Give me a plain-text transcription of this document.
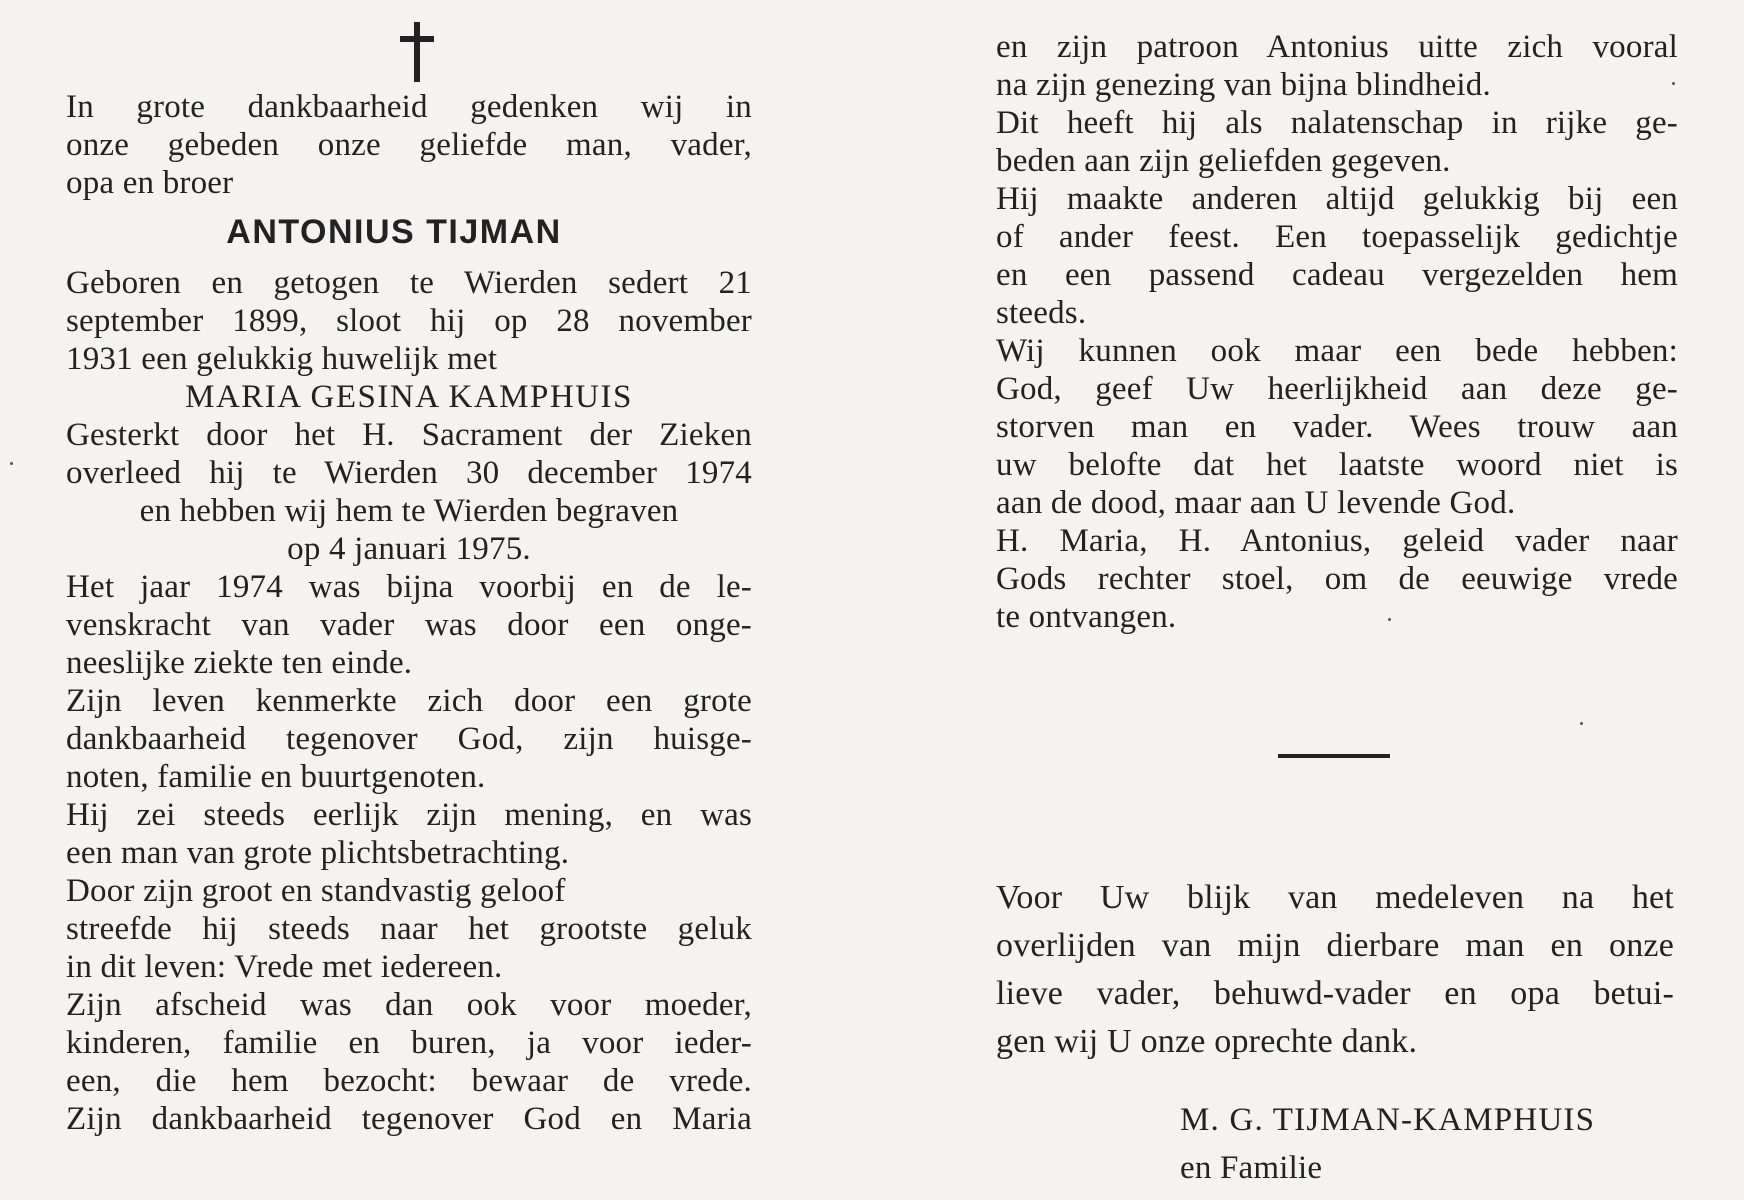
In grote dankbaarheid gedenken wij in
onze gebeden onze geliefde man, vader,
opa en broer
ANTONIUS TIJMAN
Geboren en getogen te Wierden sedert 21
september 1899, sloot hij op 28 november
1931 een gelukkig huwelijk met
MARIA GESINA KAMPHUIS
Gesterkt door het H. Sacrament der Zieken
overleed hij te Wierden 30 december 1974
en hebben wij hem te Wierden begraven
op 4 januari 1975.
Het jaar 1974 was bijna voorbij en de le-
venskracht van vader was door een onge-
neeslijke ziekte ten einde.
Zijn leven kenmerkte zich door een grote
dankbaarheid tegenover God, zijn huisge-
noten, familie en buurtgenoten.
Hij zei steeds eerlijk zijn mening, en was
een man van grote plichtsbetrachting.
Door zijn groot en standvastig geloof
streefde hij steeds naar het grootste geluk
in dit leven: Vrede met iedereen.
Zijn afscheid was dan ook voor moeder,
kinderen, familie en buren, ja voor ieder-
een, die hem bezocht: bewaar de vrede.
Zijn dankbaarheid tegenover God en Maria
en zijn patroon Antonius uitte zich vooral
na zijn genezing van bijna blindheid.
Dit heeft hij als nalatenschap in rijke ge-
beden aan zijn geliefden gegeven.
Hij maakte anderen altijd gelukkig bij een
of ander feest. Een toepasselijk gedichtje
en een passend cadeau vergezelden hem
steeds.
Wij kunnen ook maar een bede hebben:
God, geef Uw heerlijkheid aan deze ge-
storven man en vader. Wees trouw aan
uw belofte dat het laatste woord niet is
aan de dood, maar aan U levende God.
H. Maria, H. Antonius, geleid vader naar
Gods rechter stoel, om de eeuwige vrede
te ontvangen.
Voor Uw blijk van medeleven na het
overlijden van mijn dierbare man en onze
lieve vader, behuwd-vader en opa betui-
gen wij U onze oprechte dank.
M. G. TIJMAN-KAMPHUIS
en Familie
